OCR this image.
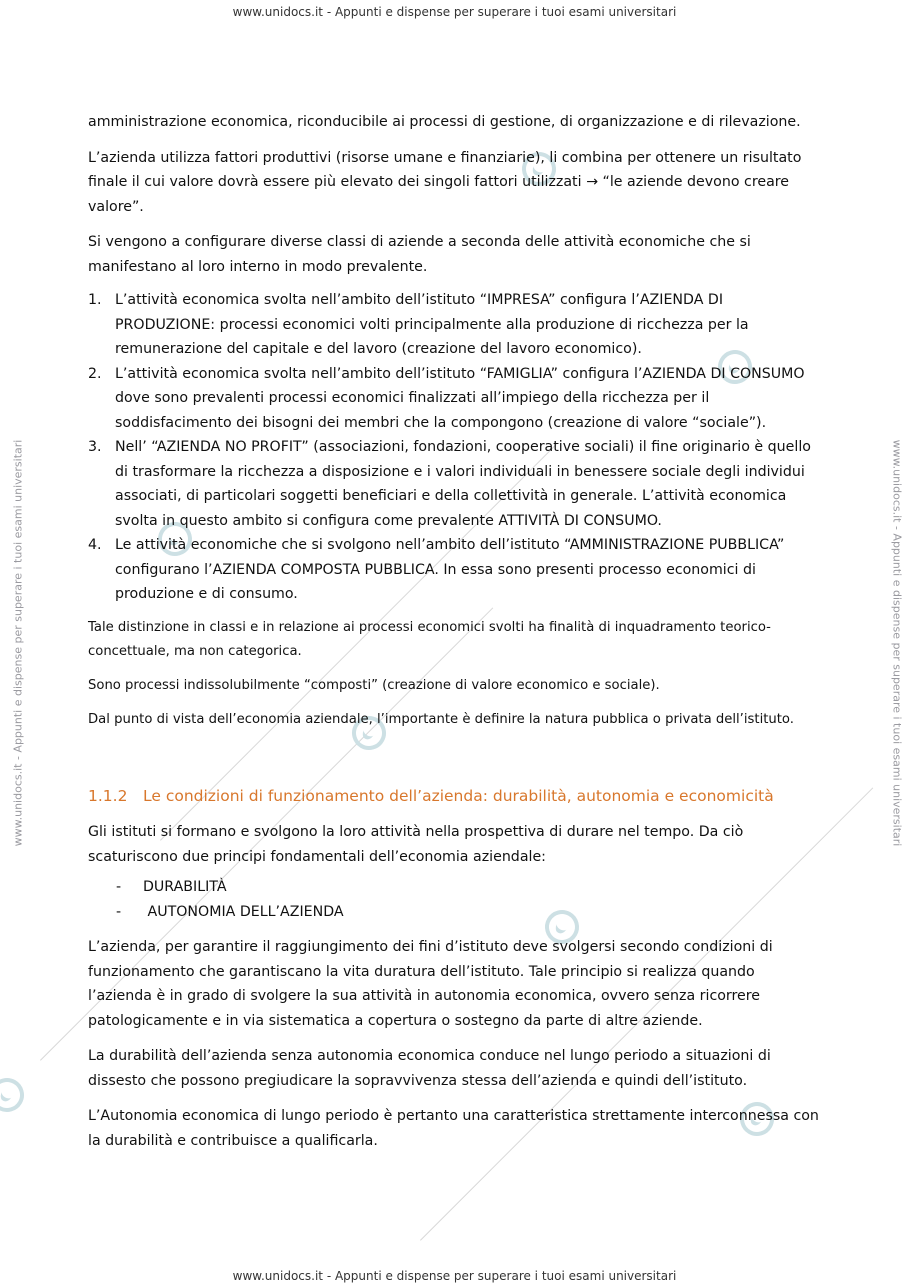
www.unidocs.it - Appunti e dispense per superare i tuoi esami universitari
www.unidocs.it - Appunti e dispense per superare i tuoi esami universitari
www.unidocs.it - Appunti e dispense per superare i tuoi esami universitari	www.unidocs.it - Appunti e dispense per superare i tuoi esami universitari

amministrazione economica, riconducibile ai processi di gestione, di organizzazione e di rilevazione.

L’azienda utilizza fattori produttivi (risorse umane e finanziarie), li combina per ottenere un risultato finale il cui valore dovrà essere più elevato dei singoli fattori utilizzati → “le aziende devono creare valore”.

Si vengono a configurare diverse classi di aziende a seconda delle attività economiche che si manifestano al loro interno in modo prevalente.

1. L’attività economica svolta nell’ambito dell’istituto “IMPRESA” configura l’AZIENDA DI PRODUZIONE: processi economici volti principalmente alla produzione di ricchezza per la remunerazione del capitale e del lavoro (creazione del lavoro economico).
2. L’attività economica svolta nell’ambito dell’istituto “FAMIGLIA” configura l’AZIENDA DI CONSUMO dove sono prevalenti processi economici finalizzati all’impiego della ricchezza per il soddisfacimento dei bisogni dei membri che la compongono (creazione di valore “sociale”).
3. Nell’ “AZIENDA NO PROFIT” (associazioni, fondazioni, cooperative sociali) il fine originario è quello di trasformare la ricchezza a disposizione e i valori individuali in benessere sociale degli individui associati, di particolari soggetti beneficiari e della collettività in generale. L’attività economica svolta in questo ambito si configura come prevalente ATTIVITÀ DI CONSUMO.
4. Le attività economiche che si svolgono nell’ambito dell’istituto “AMMINISTRAZIONE PUBBLICA” configurano l’AZIENDA COMPOSTA PUBBLICA. In essa sono presenti processo economici di produzione e di consumo.

Tale distinzione in classi e in relazione ai processi economici svolti ha finalità di inquadramento teorico-concettuale, ma non categorica.

Sono processi indissolubilmente “composti” (creazione di valore economico e sociale).

Dal punto di vista dell’economia aziendale, l’importante è definire la natura pubblica o privata dell’istituto.

1.1.2 Le condizioni di funzionamento dell’azienda: durabilità, autonomia e economicità

Gli istituti si formano e svolgono la loro attività nella prospettiva di durare nel tempo. Da ciò scaturiscono due principi fondamentali dell’economia aziendale:

- DURABILITÀ
- AUTONOMIA DELL’AZIENDA

L’azienda, per garantire il raggiungimento dei fini d’istituto deve svolgersi secondo condizioni di funzionamento che garantiscano la vita duratura dell’istituto. Tale principio si realizza quando l’azienda è in grado di svolgere la sua attività in autonomia economica, ovvero senza ricorrere patologicamente e in via sistematica a copertura o sostegno da parte di altre aziende.

La durabilità dell’azienda senza autonomia economica conduce nel lungo periodo a situazioni di dissesto che possono pregiudicare la sopravvivenza stessa dell’azienda e quindi dell’istituto.

L’Autonomia economica di lungo periodo è pertanto una caratteristica strettamente interconnessa con la durabilità e contribuisce a qualificarla.
